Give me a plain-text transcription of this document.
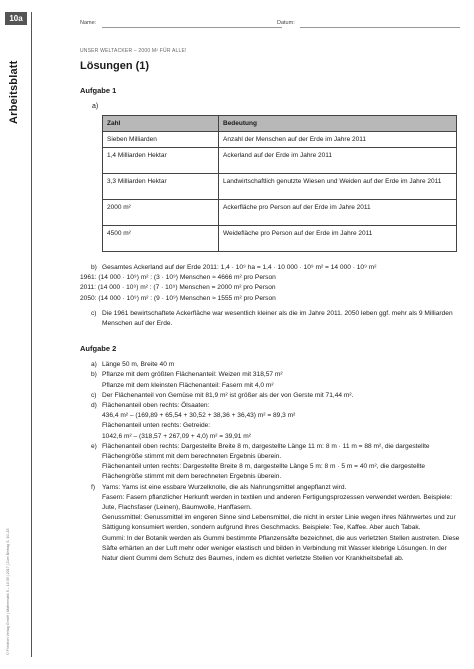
10a
Arbeitsblatt
© Friedrich Verlag GmbH | Mathematik 5 – 10 39 | 2017 | Zum Beitrag S. 10–15
Name:	Datum:
UNSER WELTACKER – 2000 M² FÜR ALLE!
Lösungen (1)
Aufgabe 1
a)
Zahl	Bedeutung
Sieben Milliarden	Anzahl der Menschen auf der Erde im Jahre 2011
1,4 Milliarden Hektar	Ackerland auf der Erde im Jahre 2011
3,3 Milliarden Hektar	Landwirtschaftlich genutzte Wiesen und Weiden auf der Erde im Jahre 2011
2000 m²	Ackerfläche pro Person auf der Erde im Jahre 2011
4500 m²	Weidefläche pro Person auf der Erde im Jahre 2011
b) Gesamtes Ackerland auf der Erde 2011: 1,4 · 10⁹ ha = 1,4 · 10 000 · 10⁹ m² = 14 000 · 10⁹ m²
1961: (14 000 · 10⁹) m² : (3 · 10⁹) Menschen ≈ 4666 m² pro Person
2011: (14 000 · 10⁹) m² : (7 · 10⁹) Menschen = 2000 m² pro Person
2050: (14 000 · 10⁹) m² : (9 · 10⁹) Menschen ≈ 1555 m² pro Person
c) Die 1961 bewirtschaftete Ackerfläche war wesentlich kleiner als die im Jahre 2011. 2050 leben ggf. mehr als 9 Milliarden Menschen auf der Erde.
Aufgabe 2
a) Länge 50 m, Breite 40 m
b) Pflanze mit dem größten Flächenanteil: Weizen mit 318,57 m²
Pflanze mit dem kleinsten Flächenanteil: Fasern mit 4,0 m²
c) Der Flächenanteil von Gemüse mit 81,9 m² ist größer als der von Gerste mit 71,44 m².
d) Flächenanteil oben rechts: Ölsaaten:
436,4 m² – (169,89 + 65,54 + 30,52 + 38,36 + 36,43) m² = 89,3 m²
Flächenanteil unten rechts: Getreide:
1042,6 m² – (318,57 + 267,09 + 4,0) m² = 39,91 m²
e) Flächenanteil oben rechts: Dargestellte Breite 8 m, dargestellte Länge 11 m: 8 m · 11 m = 88 m², die dargestellte Flächengröße stimmt mit dem berechneten Ergebnis überein.
Flächenanteil unten rechts: Dargestellte Breite 8 m, dargestellte Länge 5 m: 8 m · 5 m = 40 m², die dargestellte Flächengröße stimmt mit dem berechneten Ergebnis überein.
f) Yams: Yams ist eine essbare Wurzelknolle, die als Nahrungsmittel angepflanzt wird.
Fasern: Fasern pflanzlicher Herkunft werden in textilen und anderen Fertigungsprozessen verwendet werden. Beispiele: Jute, Flachsfaser (Leinen), Baumwolle, Hanffasern.
Genussmittel: Genussmittel im engeren Sinne sind Lebensmittel, die nicht in erster Linie wegen ihres Nährwertes und zur Sättigung konsumiert werden, sondern aufgrund ihres Geschmacks. Beispiele: Tee, Kaffee. Aber auch Tabak.
Gummi: In der Botanik werden als Gummi bestimmte Pflanzensäfte bezeichnet, die aus verletzten Stellen austreten. Diese Säfte erhärten an der Luft mehr oder weniger elastisch und bilden in Verbindung mit Wasser klebrige Lösungen. In der Natur dient Gummi dem Schutz des Baumes, indem es dichtet verletzte Stellen vor Krankheitsbefall ab.
